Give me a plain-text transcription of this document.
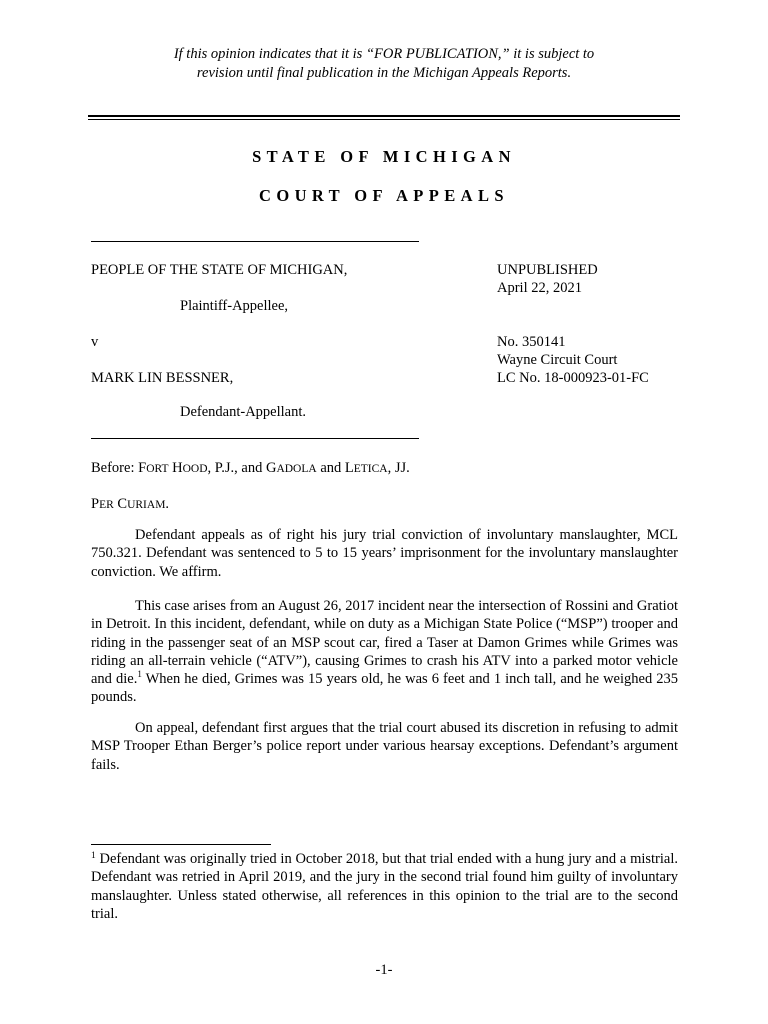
If this opinion indicates that it is “FOR PUBLICATION,” it is subject to
revision until final publication in the Michigan Appeals Reports.
STATE OF MICHIGAN
COURT OF APPEALS
PEOPLE OF THE STATE OF MICHIGAN,
Plaintiff-Appellee,
v
MARK LIN BESSNER,
Defendant-Appellant.
UNPUBLISHED
April 22, 2021
No. 350141
Wayne Circuit Court
LC No. 18-000923-01-FC
Before: FORT HOOD, P.J., and GADOLA and LETICA, JJ.
PER CURIAM.
Defendant appeals as of right his jury trial conviction of involuntary manslaughter, MCL 750.321. Defendant was sentenced to 5 to 15 years’ imprisonment for the involuntary manslaughter conviction. We affirm.
This case arises from an August 26, 2017 incident near the intersection of Rossini and Gratiot in Detroit. In this incident, defendant, while on duty as a Michigan State Police (“MSP”) trooper and riding in the passenger seat of an MSP scout car, fired a Taser at Damon Grimes while Grimes was riding an all-terrain vehicle (“ATV”), causing Grimes to crash his ATV into a parked motor vehicle and die.$^1$ When he died, Grimes was 15 years old, he was 6 feet and 1 inch tall, and he weighed 235 pounds.
On appeal, defendant first argues that the trial court abused its discretion in refusing to admit MSP Trooper Ethan Berger’s police report under various hearsay exceptions. Defendant’s argument fails.
$^1$ Defendant was originally tried in October 2018, but that trial ended with a hung jury and a mistrial. Defendant was retried in April 2019, and the jury in the second trial found him guilty of involuntary manslaughter. Unless stated otherwise, all references in this opinion to the trial are to the second trial.
-1-
